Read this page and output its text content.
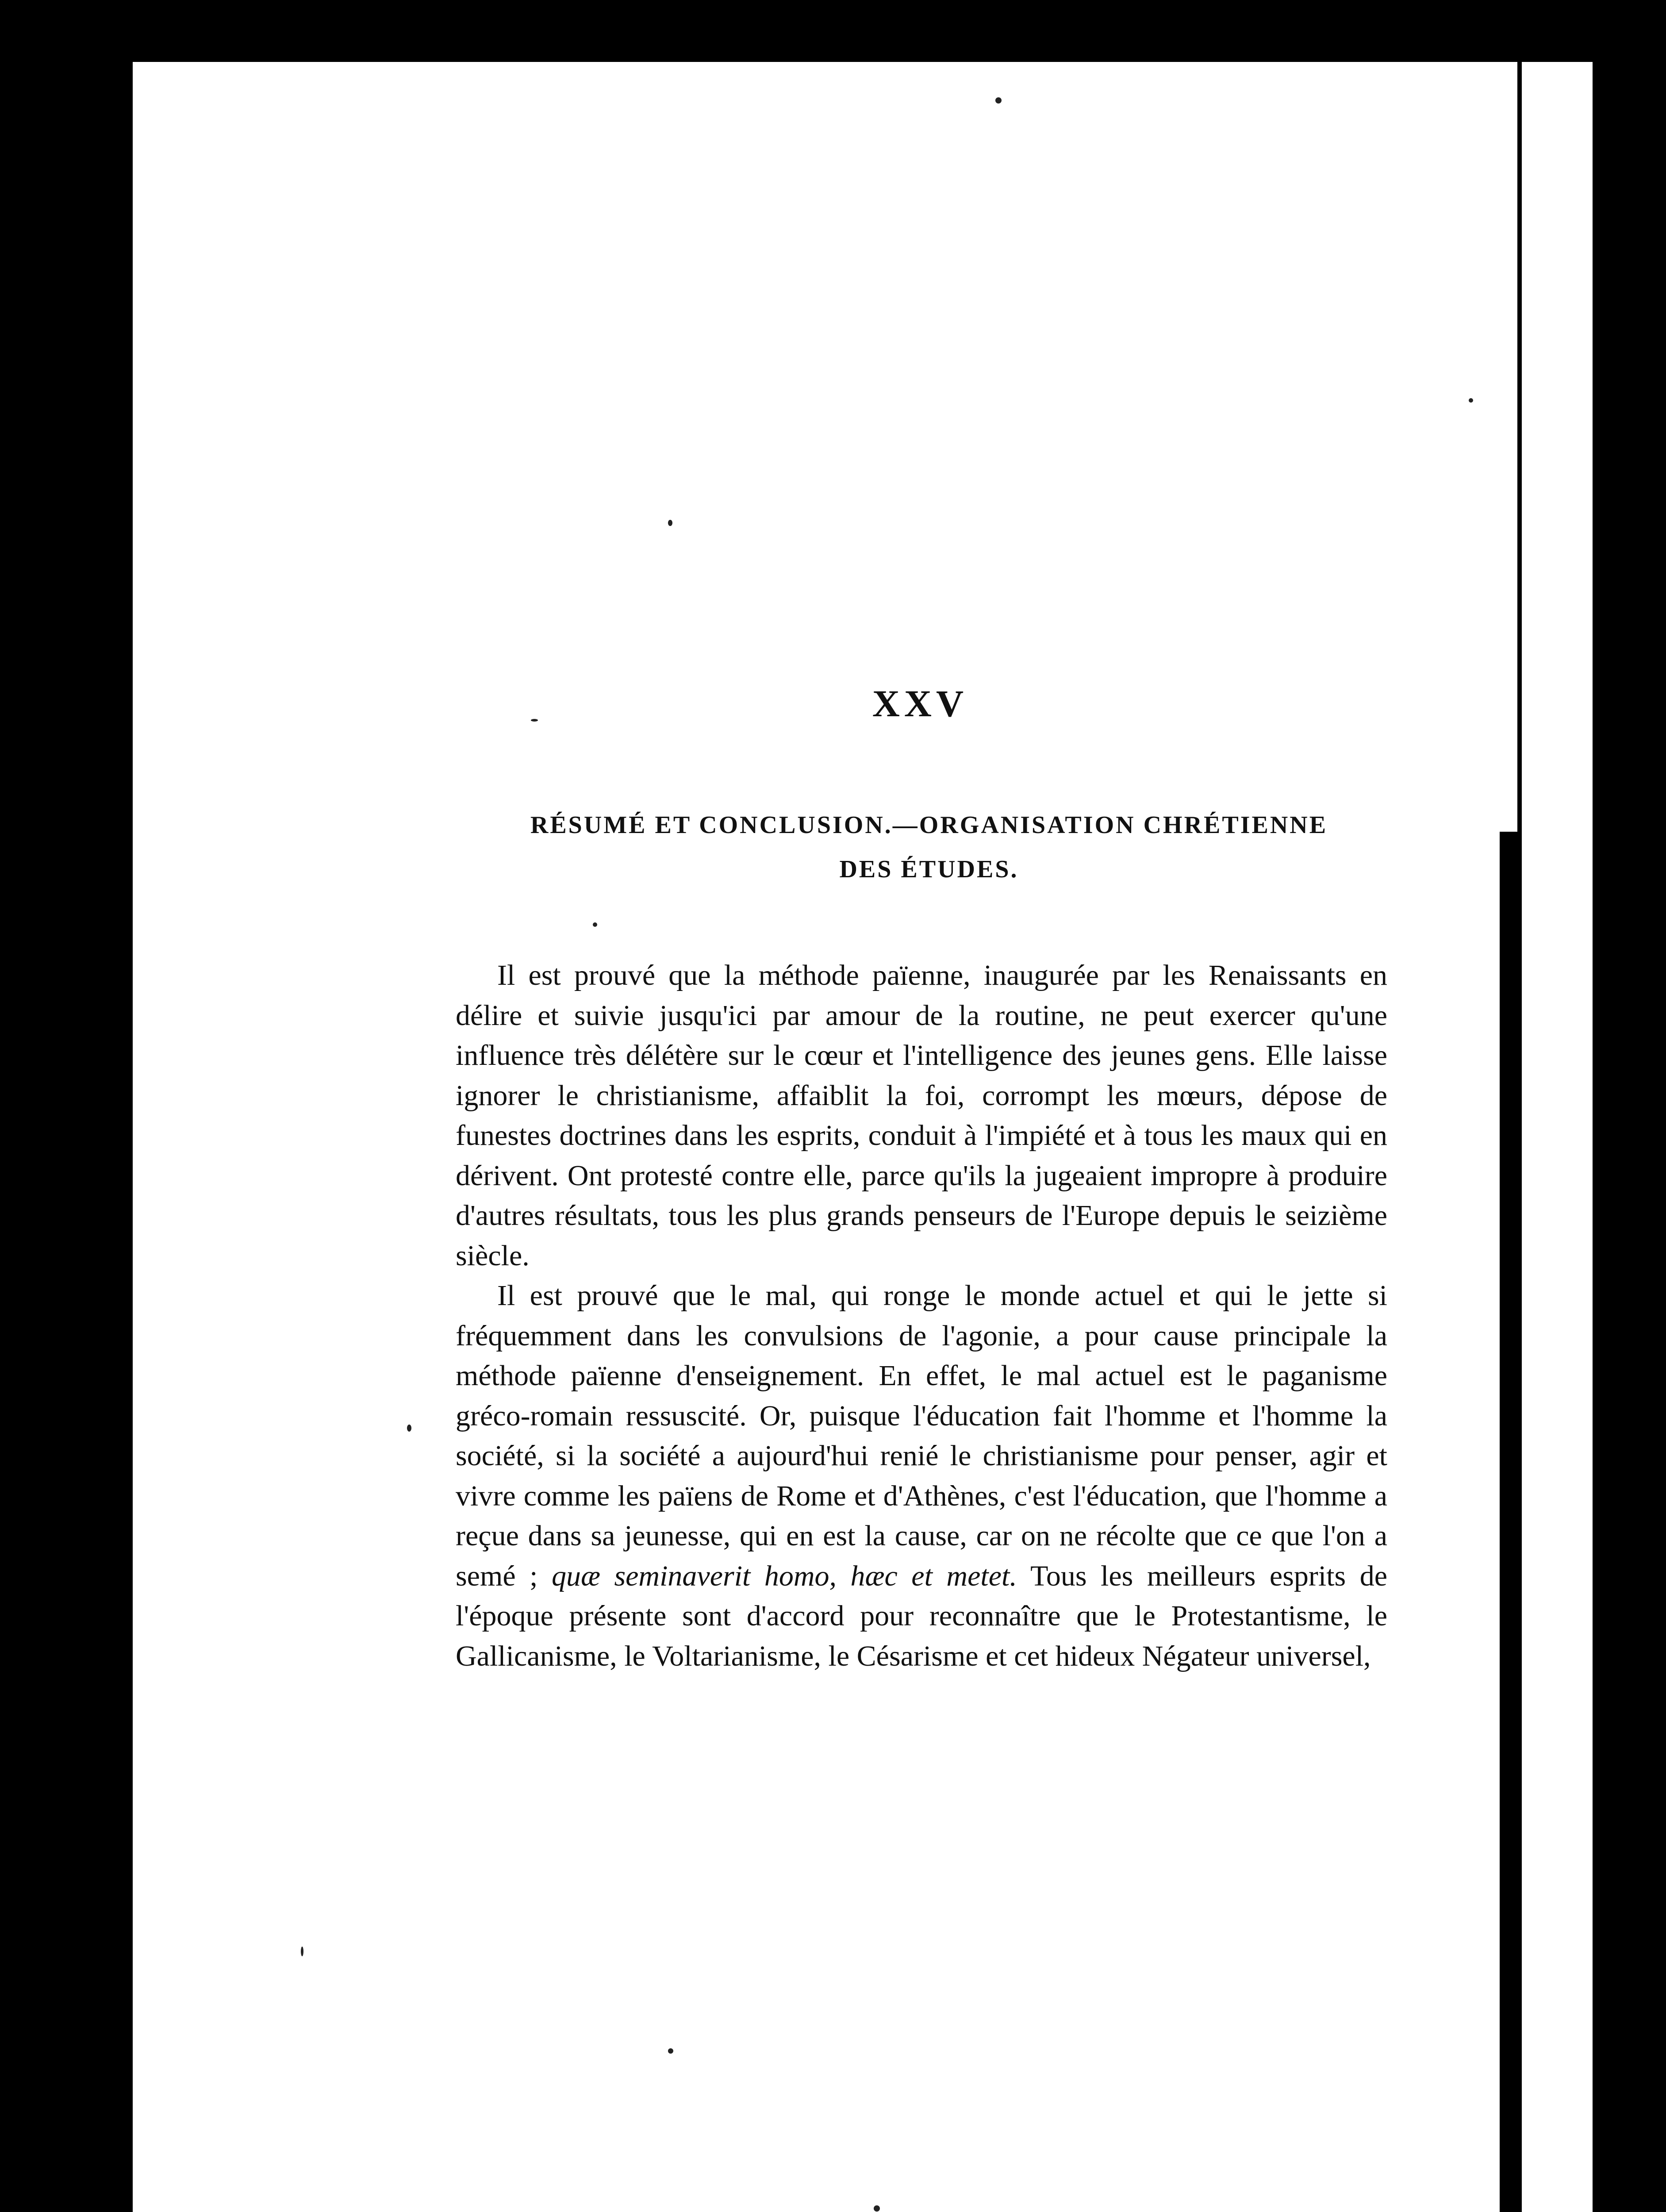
XXV
RÉSUMÉ ET CONCLUSION.—ORGANISATION CHRÉTIENNE
DES ÉTUDES.

Il est prouvé que la méthode païenne, inaugurée par les Renaissants en délire et suivie jusqu'ici par amour de la routine, ne peut exercer qu'une influence très délétère sur le cœur et l'intelligence des jeunes gens. Elle laisse ignorer le christianisme, affaiblit la foi, corrompt les mœurs, dépose de funestes doctrines dans les esprits, conduit à l'impiété et à tous les maux qui en dérivent. Ont protesté contre elle, parce qu'ils la jugeaient impropre à produire d'autres résultats, tous les plus grands penseurs de l'Europe depuis le seizième siècle.

Il est prouvé que le mal, qui ronge le monde actuel et qui le jette si fréquemment dans les convulsions de l'agonie, a pour cause principale la méthode païenne d'enseignement. En effet, le mal actuel est le paganisme gréco-romain ressuscité. Or, puisque l'éducation fait l'homme et l'homme la société, si la société a aujourd'hui renié le christianisme pour penser, agir et vivre comme les païens de Rome et d'Athènes, c'est l'éducation, que l'homme a reçue dans sa jeunesse, qui en est la cause, car on ne récolte que ce que l'on a semé ; quæ seminaverit homo, hæc et metet. Tous les meilleurs esprits de l'époque présente sont d'accord pour reconnaître que le Protestantisme, le Gallicanisme, le Voltarianisme, le Césarisme et cet hideux Négateur universel,
